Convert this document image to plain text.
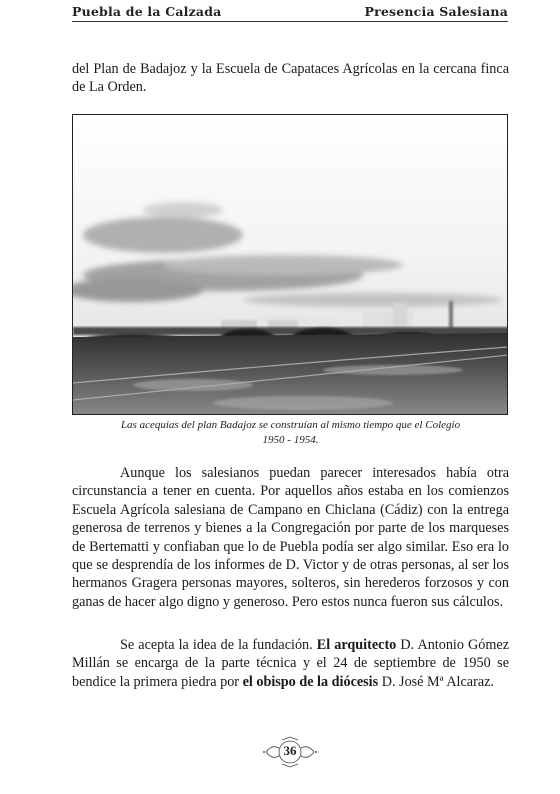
Puebla de la Calzada	Presencia Salesiana

del Plan de Badajoz y la Escuela de Capataces Agrícolas en la cercana finca de La Orden.

Las acequias del plan Badajoz se construían al mismo tiempo que el Colegio 1950 - 1954.

Aunque los salesianos puedan parecer interesados había otra circunstancia a tener en cuenta. Por aquellos años estaba en los comienzos Escuela Agrícola salesiana de Campano en Chiclana (Cádiz) con la entrega generosa de terrenos y bienes a la Congregación por parte de los marqueses de Bertematti y confiaban que lo de Puebla podía ser algo similar. Eso era lo que se desprendía de los informes de D. Victor y de otras personas, al ser los hermanos Gragera personas mayores, solteros, sin herederos forzosos y con ganas de hacer algo digno y generoso. Pero estos nunca fueron sus cálculos.

Se acepta la idea de la fundación. El arquitecto D. Antonio Gómez Millán se encarga de la parte técnica y el 24 de septiembre de 1950 se bendice la primera piedra por el obispo de la diócesis D. José Mª Alcaraz.

36
